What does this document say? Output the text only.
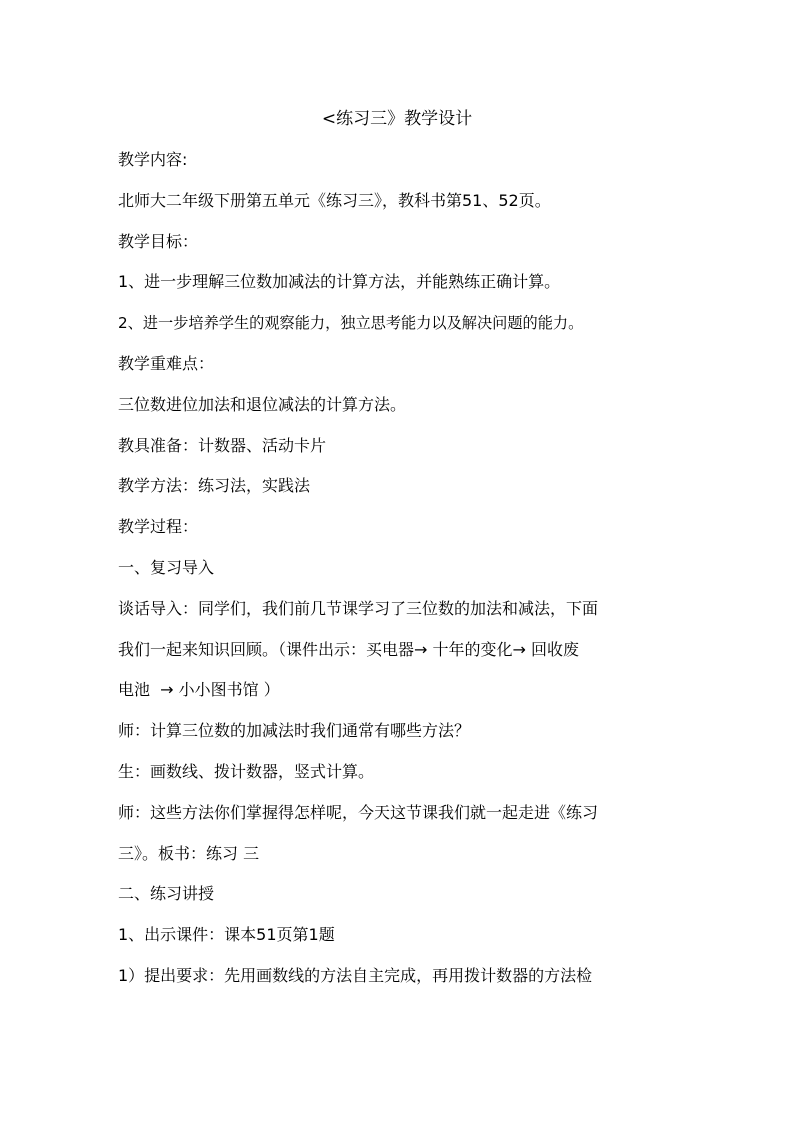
<练习三》教学设计
教学内容:
北师大二年级下册第五单元《练习三》，教科书第51、52页。
教学目标：
1、进一步理解三位数加减法的计算方法，并能熟练正确计算。
2、进一步培养学生的观察能力，独立思考能力以及解决问题的能力。
教学重难点：
三位数进位加法和退位减法的计算方法。
教具准备：计数器、活动卡片
教学方法：练习法，实践法
教学过程：
一、复习导入
谈话导入：同学们，我们前几节课学习了三位数的加法和减法，下面
我们一起来知识回顾。（课件出示：买电器→ 十年的变化→ 回收废
电池  → 小小图书馆 ）
师：计算三位数的加减法时我们通常有哪些方法？
生：画数线、拨计数器，竖式计算。
师：这些方法你们掌握得怎样呢，今天这节课我们就一起走进《练习
三》。板书：练习 三
二、练习讲授
1、出示课件：课本51页第1题
1）提出要求：先用画数线的方法自主完成，再用拨计数器的方法检
